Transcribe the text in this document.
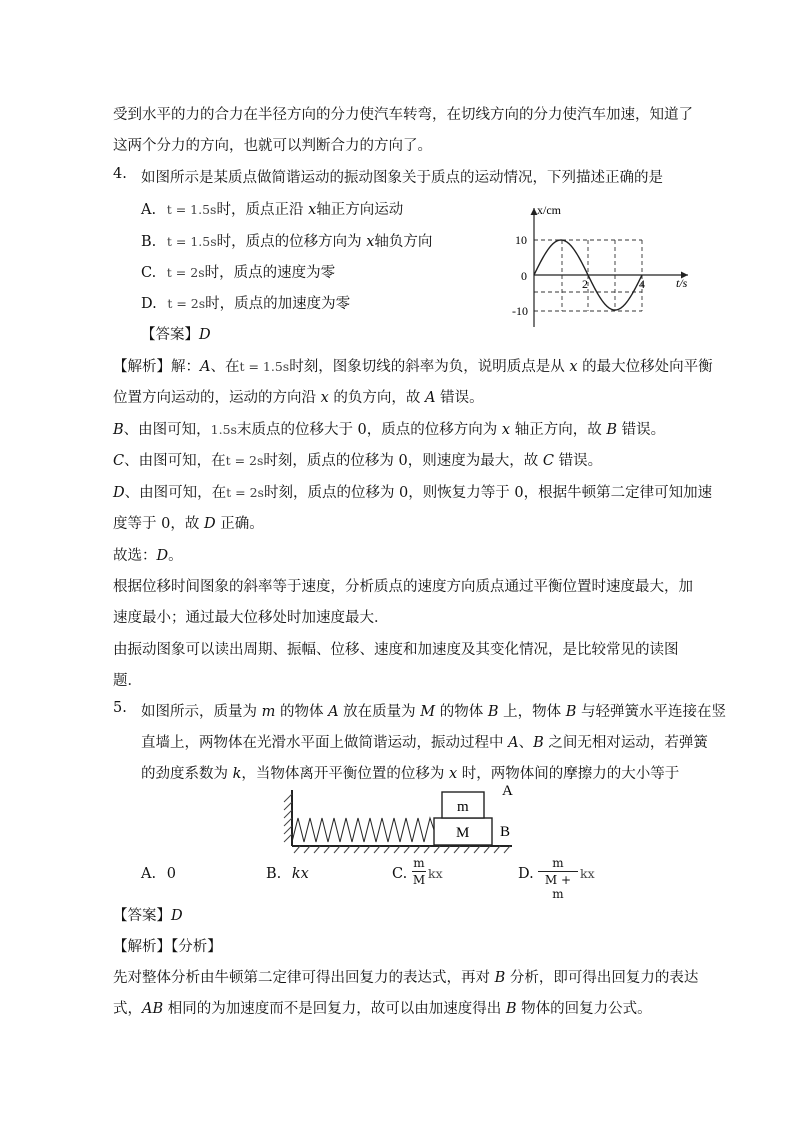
受到水平的力的合力在半径方向的分力使汽车转弯，在切线方向的分力使汽车加速，知道了
这两个分力的方向，也就可以判断合力的方向了。
4. 如图所示是某质点做简谐运动的振动图象关于质点的运动情况，下列描述正确的是
A. t = 1.5s时，质点正沿 x轴正方向运动
B. t = 1.5s时，质点的位移方向为 x轴负方向
C. t = 2s时，质点的速度为零
D. t = 2s时，质点的加速度为零
x/cm
t/s
10
0
-10
2	4
【答案】D
【解析】解：A、在t = 1.5s时刻，图象切线的斜率为负，说明质点是从 x 的最大位移处向平衡
位置方向运动的，运动的方向沿 x 的负方向，故 A 错误。
B、由图可知，1.5s末质点的位移大于 0，质点的位移方向为 x 轴正方向，故 B 错误。
C、由图可知，在t = 2s时刻，质点的位移为 0，则速度为最大，故 C 错误。
D、由图可知，在t = 2s时刻，质点的位移为 0，则恢复力等于 0，根据牛顿第二定律可知加速
度等于 0，故 D 正确。
故选：D。
根据位移时间图象的斜率等于速度，分析质点的速度方向质点通过平衡位置时速度最大，加
速度最小；通过最大位移处时加速度最大．
由振动图象可以读出周期、振幅、位移、速度和加速度及其变化情况，是比较常见的读图
题．
5. 如图所示，质量为 m 的物体 A 放在质量为 M 的物体 B 上，物体 B 与轻弹簧水平连接在竖
直墙上，两物体在光滑水平面上做简谐运动，振动过程中 A、B 之间无相对运动，若弹簧
的劲度系数为 k，当物体离开平衡位置的位移为 x 时，两物体间的摩擦力的大小等于
M
m
A
B
A. 0	B. kx	C.
m
M kx	D.
m
M + m
kx
【答案】D
【解析】【分析】
先对整体分析由牛顿第二定律可得出回复力的表达式，再对 B 分析，即可得出回复力的表达
式，AB 相同的为加速度而不是回复力，故可以由加速度得出 B 物体的回复力公式。
